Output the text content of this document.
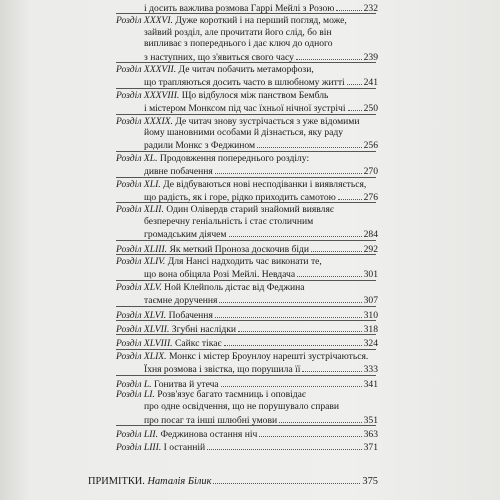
і досить важлива розмова Гаррі Мейлі з Розою	232
Розділ XXXVI. Дуже короткий і на перший погляд, може,
зайвий розділ, але прочитати його слід, бо він
випливає з попереднього і дає ключ до одного
з наступних, що з'явиться свого часу	239
Розділ XXXVII. Де читач побачить метаморфози,
що трапляються досить часто в шлюбному житті 241
Розділ XXXVIII. Що відбулося між панством Бембль
і містером Монксом під час їхньої нічної зустрічі 250
Розділ XXXIX. Де читач знову зустрічається з уже відомими
йому шановними особами й дізнається, яку раду
радили Монкс з Феджином	256
Розділ XL. Продовження попереднього розділу:
дивне побачення	270
Розділ XLI. Де відбуваються нові несподіванки і виявляється,
що радість, як і горе, рідко приходить самотою	276
Розділ XLII. Один Олівердв старий знайомий виявляє
безперечну геніальність і стає столичним
громадським діячем	284
Розділ XLIII. Як меткий Проноза доскочив біди	292
Розділ XLIV. Для Нансі надходить час виконати те,
що вона обіцяла Розі Мейлі. Невдача	301
Розділ XLV. Ной Клейполь дістає від Феджина
таємне доручення	307
Розділ XLVI. Побачення	310
Розділ XLVII. Згубні наслідки	318
Розділ XLVIII. Сайкс тікає	324
Розділ XLIX. Монкс і містер Броунлоу нарешті зустрічаються.
Їхня розмова і звістка, що порушила її	333
Розділ L. Гонитва й утеча	341
Розділ LI. Розв'язує багато таємниць і оповідає
про одне освідчення, що не порушувало справи
про посаг та інші шлюбні умови	351
Розділ LII. Феджинова остання ніч	363
Розділ LIII. І останній	371
ПРИМІТКИ. Наталія Білик	375
